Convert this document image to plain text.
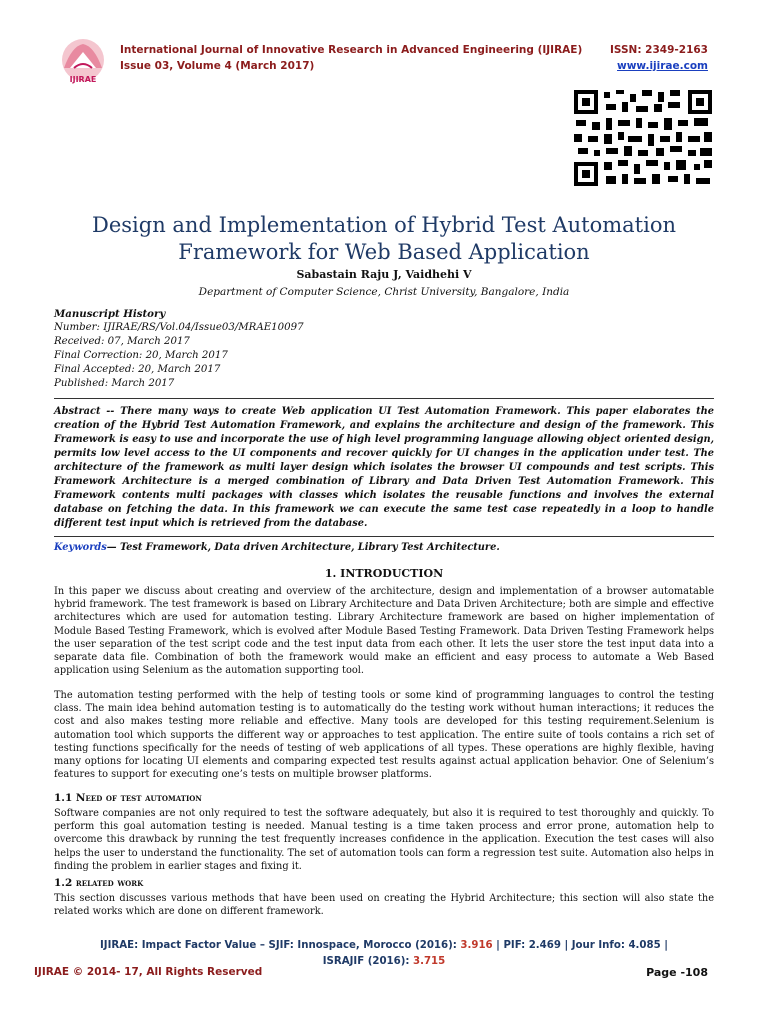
IJIRAE
International Journal of Innovative Research in Advanced Engineering (IJIRAE)
Issue 03, Volume 4 (March 2017)
ISSN: 2349-2163
www.ijirae.com
Design and Implementation of Hybrid Test Automation Framework for Web Based Application
Sabastain Raju J, Vaidhehi V
Department of Computer Science, Christ University, Bangalore, India
Manuscript History
Number: IJIRAE/RS/Vol.04/Issue03/MRAE10097
Received: 07, March 2017
Final Correction: 20, March 2017
Final Accepted: 20, March 2017
Published: March 2017
Abstract -- There many ways to create Web application UI Test Automation Framework. This paper elaborates the creation of the Hybrid Test Automation Framework, and explains the architecture and design of the framework. This Framework is easy to use and incorporate the use of high level programming language allowing object oriented design, permits low level access to the UI components and recover quickly for UI changes in the application under test. The architecture of the framework as multi layer design which isolates the browser UI compounds and test scripts. This Framework Architecture is a merged combination of Library and Data Driven Test Automation Framework. This Framework contents multi packages with classes which isolates the reusable functions and involves the external database on fetching the data. In this framework we can execute the same test case repeatedly in a loop to handle different test input which is retrieved from the database.
Keywords— Test Framework, Data driven Architecture, Library Test Architecture.
1. INTRODUCTION
In this paper we discuss about creating and overview of the architecture, design and implementation of a browser automatable hybrid framework. The test framework is based on Library Architecture and Data Driven Architecture; both are simple and effective architectures which are used for automation testing. Library Architecture framework are based on higher implementation of Module Based Testing Framework, which is evolved after Module Based Testing Framework. Data Driven Testing Framework helps the user separation of the test script code and the test input data from each other. It lets the user store the test input data into a separate data file. Combination of both the framework would make an efficient and easy process to automate a Web Based application using Selenium as the automation supporting tool.
The automation testing performed with the help of testing tools or some kind of programming languages to control the testing class. The main idea behind automation testing is to automatically do the testing work without human interactions; it reduces the cost and also makes testing more reliable and effective. Many tools are developed for this testing requirement.Selenium is automation tool which supports the different way or approaches to test application. The entire suite of tools contains a rich set of testing functions specifically for the needs of testing of web applications of all types. These operations are highly flexible, having many options for locating UI elements and comparing expected test results against actual application behavior. One of Selenium’s features to support for executing one’s tests on multiple browser platforms.
1.1 Need of test automation
Software companies are not only required to test the software adequately, but also it is required to test thoroughly and quickly. To perform this goal automation testing is needed. Manual testing is a time taken process and error prone, automation help to overcome this drawback by running the test frequently increases confidence in the application. Execution the test cases will also helps the user to understand the functionality. The set of automation tools can form a regression test suite. Automation also helps in finding the problem in earlier stages and fixing it.
1.2 related work
This section discusses various methods that have been used on creating the Hybrid Architecture; this section will also state the related works which are done on different framework.
IJIRAE: Impact Factor Value – SJIF: Innospace, Morocco (2016): 3.916 | PIF: 2.469 | Jour Info: 4.085 |
ISRAJIF (2016): 3.715
IJIRAE © 2014- 17, All Rights Reserved	Page -108
